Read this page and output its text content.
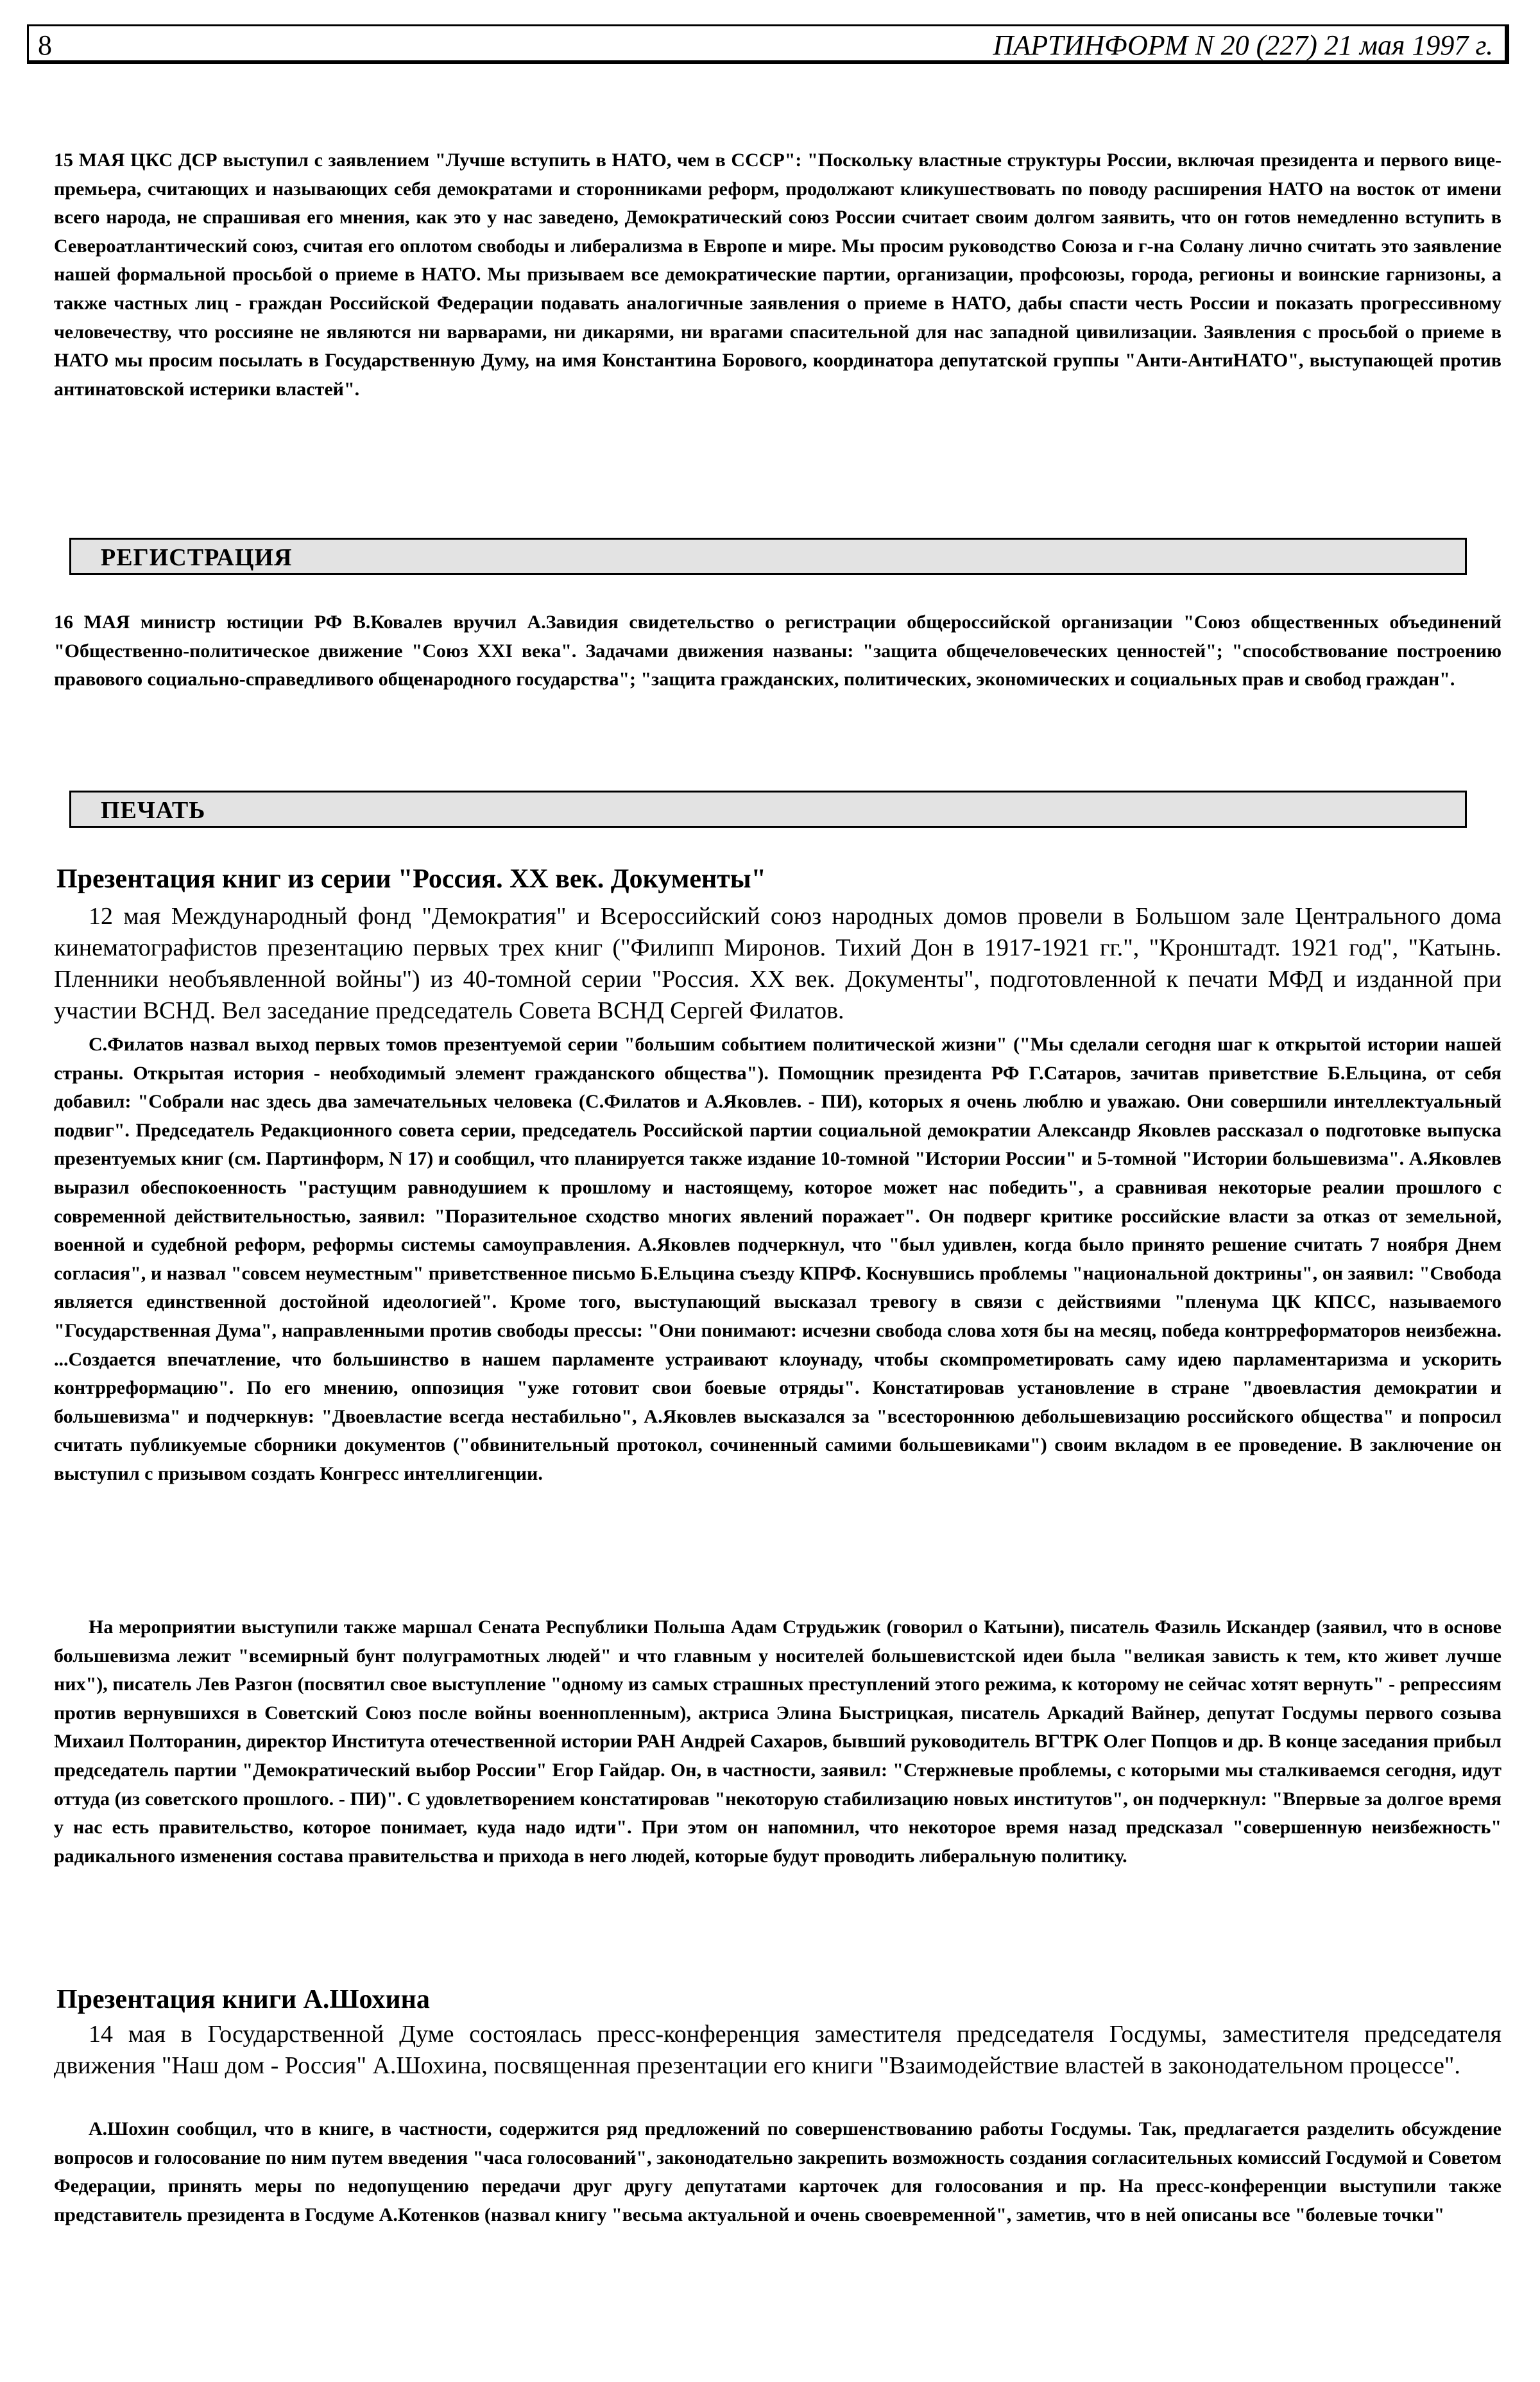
8	ПАРТИНФОРМ N 20 (227) 21 мая 1997 г.

15 МАЯ ЦКС ДСР выступил с заявлением "Лучше вступить в НАТО, чем в СССР": "Поскольку властные структуры России, включая президента и первого вице-премьера, считающих и называющих себя демократами и сторонниками реформ, продолжают кликушествовать по поводу расширения НАТО на восток от имени всего народа, не спрашивая его мнения, как это у нас заведено, Демократический союз России считает своим долгом заявить, что он готов немедленно вступить в Североатлантический союз, считая его оплотом свободы и либерализма в Европе и мире. Мы просим руководство Союза и г-на Солану лично считать это заявление нашей формальной просьбой о приеме в НАТО. Мы призываем все демократические партии, организации, профсоюзы, города, регионы и воинские гарнизоны, а также частных лиц - граждан Российской Федерации подавать аналогичные заявления о приеме в НАТО, дабы спасти честь России и показать прогрессивному человечеству, что россияне не являются ни варварами, ни дикарями, ни врагами спасительной для нас западной цивилизации. Заявления с просьбой о приеме в НАТО мы просим посылать в Государственную Думу, на имя Константина Борового, координатора депутатской группы "Анти-АнтиНАТО", выступающей против антинатовской истерики властей".

РЕГИСТРАЦИЯ

16 МАЯ министр юстиции РФ В.Ковалев вручил А.Завидия свидетельство о регистрации общероссийской организации "Союз общественных объединений "Общественно-политическое движение "Союз XXI века". Задачами движения названы: "защита общечеловеческих ценностей"; "способствование построению правового социально-справедливого общенародного государства"; "защита гражданских, политических, экономических и социальных прав и свобод граждан".

ПЕЧАТЬ
Презентация книг из серии "Россия. XX век. Документы"

12 мая Международный фонд "Демократия" и Всероссийский союз народных домов провели в Большом зале Центрального дома кинематографистов презентацию первых трех книг ("Филипп Миронов. Тихий Дон в 1917-1921 гг.", "Кронштадт. 1921 год", "Катынь. Пленники необъявленной войны") из 40-томной серии "Россия. XX век. Документы", подготовленной к печати МФД и изданной при участии ВСНД. Вел заседание председатель Совета ВСНД Сергей Филатов.

С.Филатов назвал выход первых томов презентуемой серии "большим событием политической жизни" ("Мы сделали сегодня шаг к открытой истории нашей страны. Открытая история - необходимый элемент гражданского общества"). Помощник президента РФ Г.Сатаров, зачитав приветствие Б.Ельцина, от себя добавил: "Собрали нас здесь два замечательных человека (С.Филатов и А.Яковлев. - ПИ), которых я очень люблю и уважаю. Они совершили интеллектуальный подвиг". Председатель Редакционного совета серии, председатель Российской партии социальной демократии Александр Яковлев рассказал о подготовке выпуска презентуемых книг (см. Партинформ, N 17) и сообщил, что планируется также издание 10-томной "Истории России" и 5-томной "Истории большевизма". А.Яковлев выразил обеспокоенность "растущим равнодушием к прошлому и настоящему, которое может нас победить", а сравнивая некоторые реалии прошлого с современной действительностью, заявил: "Поразительное сходство многих явлений поражает". Он подверг критике российские власти за отказ от земельной, военной и судебной реформ, реформы системы самоуправления. А.Яковлев подчеркнул, что "был удивлен, когда было принято решение считать 7 ноября Днем согласия", и назвал "совсем неуместным" приветственное письмо Б.Ельцина съезду КПРФ. Коснувшись проблемы "национальной доктрины", он заявил: "Свобода является единственной достойной идеологией". Кроме того, выступающий высказал тревогу в связи с действиями "пленума ЦК КПСС, называемого "Государственная Дума", направленными против свободы прессы: "Они понимают: исчезни свобода слова хотя бы на месяц, победа контрреформаторов неизбежна. ...Создается впечатление, что большинство в нашем парламенте устраивают клоунаду, чтобы скомпрометировать саму идею парламентаризма и ускорить контрреформацию". По его мнению, оппозиция "уже готовит свои боевые отряды". Констатировав установление в стране "двоевластия демократии и большевизма" и подчеркнув: "Двоевластие всегда нестабильно", А.Яковлев высказался за "всестороннюю дебольшевизацию российского общества" и попросил считать публикуемые сборники документов ("обвинительный протокол, сочиненный самими большевиками") своим вкладом в ее проведение. В заключение он выступил с призывом создать Конгресс интеллигенции.

На мероприятии выступили также маршал Сената Республики Польша Адам Струдьжик (говорил о Катыни), писатель Фазиль Искандер (заявил, что в основе большевизма лежит "всемирный бунт полуграмотных людей" и что главным у носителей большевистской идеи была "великая зависть к тем, кто живет лучше них"), писатель Лев Разгон (посвятил свое выступление "одному из самых страшных преступлений этого режима, к которому не сейчас хотят вернуть" - репрессиям против вернувшихся в Советский Союз после войны военнопленным), актриса Элина Быстрицкая, писатель Аркадий Вайнер, депутат Госдумы первого созыва Михаил Полторанин, директор Института отечественной истории РАН Андрей Сахаров, бывший руководитель ВГТРК Олег Попцов и др. В конце заседания прибыл председатель партии "Демократический выбор России" Егор Гайдар. Он, в частности, заявил: "Стержневые проблемы, с которыми мы сталкиваемся сегодня, идут оттуда (из советского прошлого. - ПИ)". С удовлетворением констатировав "некоторую стабилизацию новых институтов", он подчеркнул: "Впервые за долгое время у нас есть правительство, которое понимает, куда надо идти". При этом он напомнил, что некоторое время назад предсказал "совершенную неизбежность" радикального изменения состава правительства и прихода в него людей, которые будут проводить либеральную политику.

Презентация книги А.Шохина

14 мая в Государственной Думе состоялась пресс-конференция заместителя председателя Госдумы, заместителя председателя движения "Наш дом - Россия" А.Шохина, посвященная презентации его книги "Взаимодействие властей в законодательном процессе".

А.Шохин сообщил, что в книге, в частности, содержится ряд предложений по совершенствованию работы Госдумы. Так, предлагается разделить обсуждение вопросов и голосование по ним путем введения "часа голосований", законодательно закрепить возможность создания согласительных комиссий Госдумой и Советом Федерации, принять меры по недопущению передачи друг другу депутатами карточек для голосования и пр. На пресс-конференции выступили также представитель президента в Госдуме А.Котенков (назвал книгу "весьма актуальной и очень своевременной", заметив, что в ней описаны все "болевые точки"
